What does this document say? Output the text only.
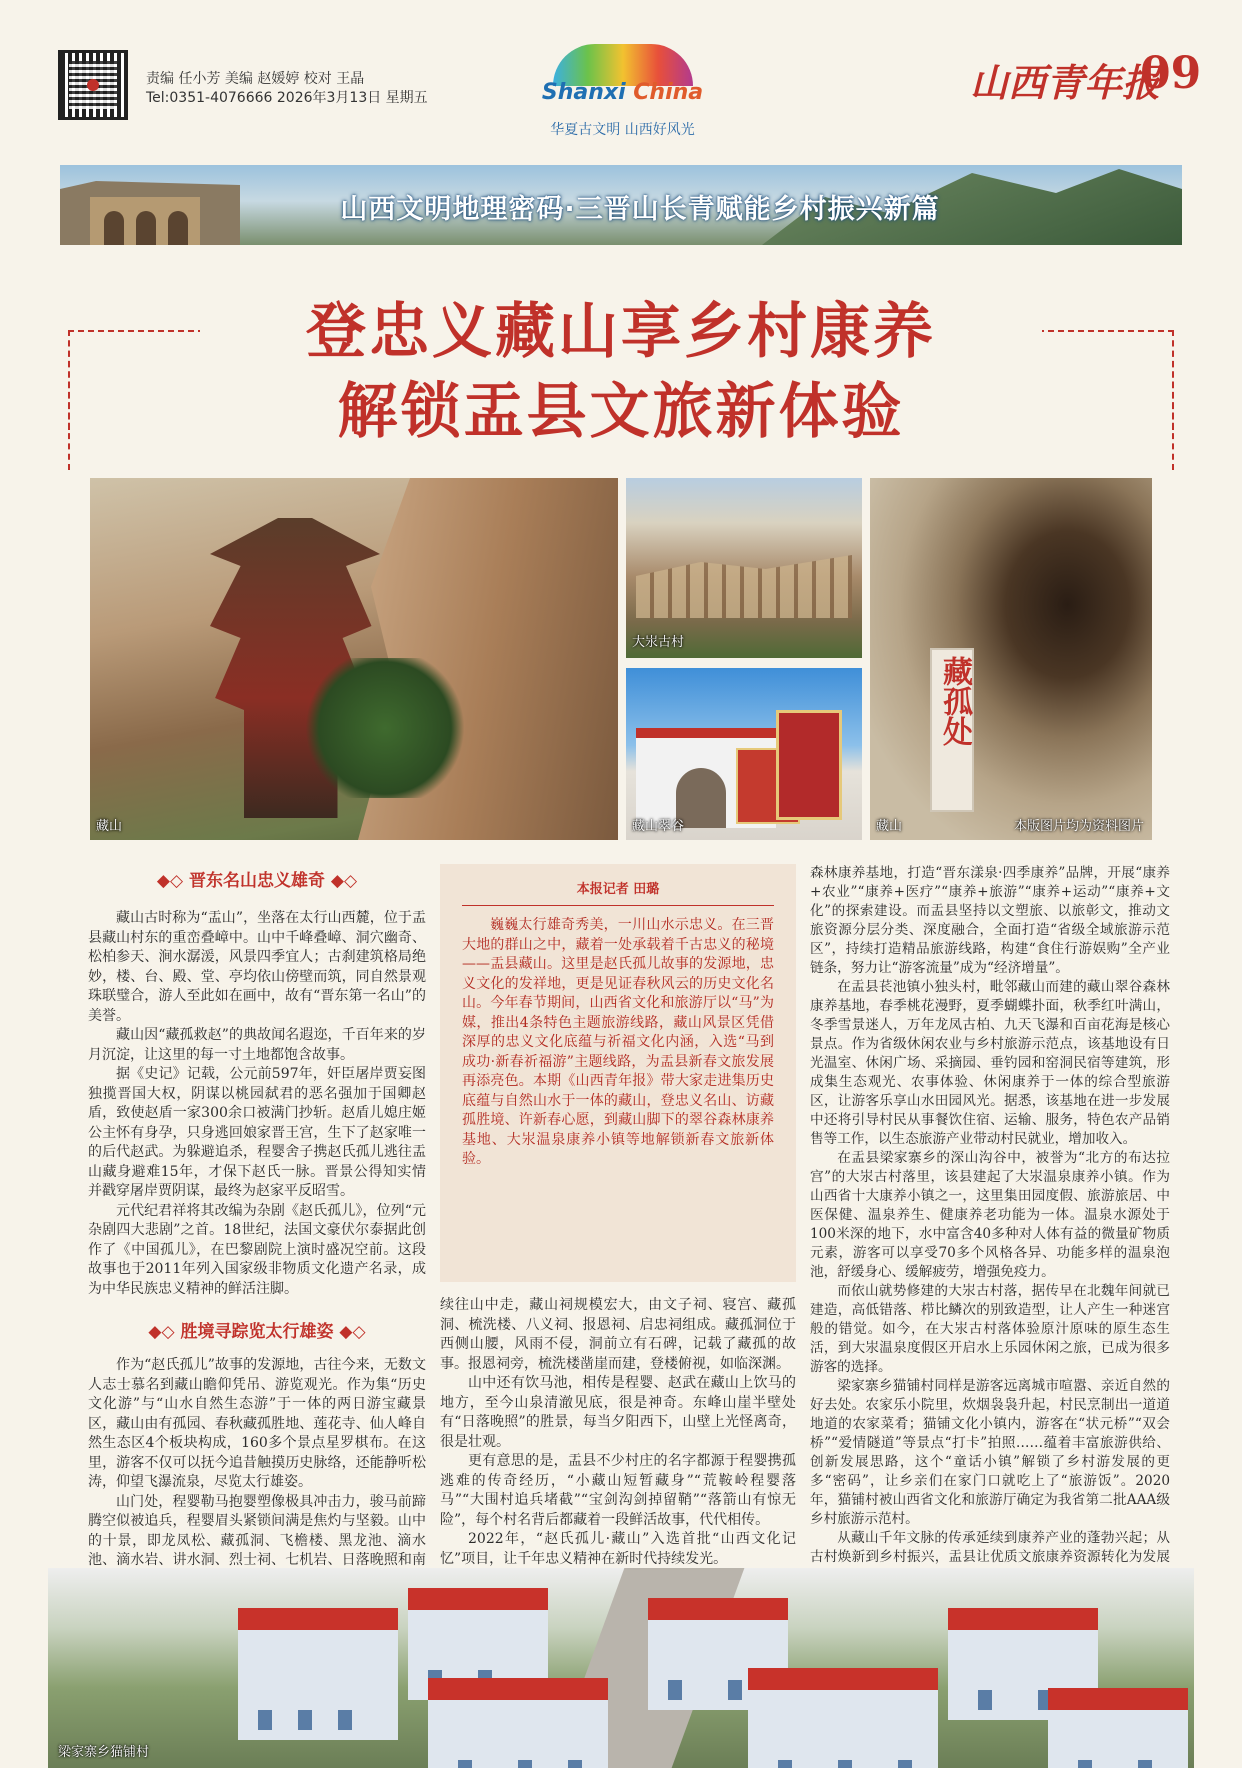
责编 任小芳 美编 赵媛婷 校对 王晶
Tel:0351-4076666 2026年3月13日 星期五	Shanxi China
华夏古文明 山西好风光
山西青年报
09
山西文明地理密码·三晋山长青赋能乡村振兴新篇
登忠义藏山享乡村康养
解锁盂县文旅新体验
藏山
大汖古村
藏山翠谷
藏孤处
藏山	本版图片均为资料图片
◆◇ 晋东名山忠义雄奇 ◆◇

藏山古时称为“盂山”，坐落在太行山西麓，位于盂县藏山村东的重峦叠嶂中。山中千峰叠嶂、洞穴幽奇、松柏参天、涧水潺湲，风景四季宜人；古刹建筑格局绝妙，楼、台、殿、堂、亭均依山傍壁而筑，同自然景观珠联璧合，游人至此如在画中，故有“晋东第一名山”的美誉。

藏山因“藏孤救赵”的典故闻名遐迩，千百年来的岁月沉淀，让这里的每一寸土地都饱含故事。

据《史记》记载，公元前597年，奸臣屠岸贾妄图独揽晋国大权，阴谋以桃园弑君的恶名强加于国卿赵盾，致使赵盾一家300余口被满门抄斩。赵盾儿媳庄姬公主怀有身孕，只身逃回娘家晋王宫，生下了赵家唯一的后代赵武。为躲避追杀，程婴舍子携赵氏孤儿逃往盂山藏身避难15年，才保下赵氏一脉。晋景公得知实情并戳穿屠岸贾阴谋，最终为赵家平反昭雪。

元代纪君祥将其改编为杂剧《赵氏孤儿》，位列“元杂剧四大悲剧”之首。18世纪，法国文豪伏尔泰据此创作了《中国孤儿》，在巴黎剧院上演时盛况空前。这段故事也于2011年列入国家级非物质文化遗产名录，成为中华民族忠义精神的鲜活注脚。

◆◇ 胜境寻踪览太行雄姿 ◆◇

作为“赵氏孤儿”故事的发源地，古往今来，无数文人志士慕名到藏山瞻仰凭吊、游览观光。作为集“历史文化游”与“山水自然生态游”于一体的两日游宝藏景区，藏山由有孤园、春秋藏孤胜地、莲花寺、仙人峰自然生态区4个板块构成，160多个景点星罗棋布。在这里，游客不仅可以抚今追昔触摸历史脉络，还能静听松涛，仰望飞瀑流泉，尽览太行雄姿。

山门处，程婴勒马抱婴塑像极具冲击力，骏马前蹄腾空似被追兵，程婴眉头紧锁间满是焦灼与坚毅。山中的十景，即龙凤松、藏孤洞、飞檐楼、黑龙池、滴水池、滴水岩、讲水洞、烈士祠、七机岩、日落晚照和南

本报记者 田璐
巍巍太行雄奇秀美，一川山水示忠义。在三晋大地的群山之中，藏着一处承载着千古忠义的秘境——盂县藏山。这里是赵氏孤儿故事的发源地，忠义文化的发祥地，更是见证春秋风云的历史文化名山。今年春节期间，山西省文化和旅游厅以“马”为媒，推出4条特色主题旅游线路，藏山风景区凭借深厚的忠义文化底蕴与祈福文化内涵，入选“马到成功·新春祈福游”主题线路，为盂县新春文旅发展再添亮色。本期《山西青年报》带大家走进集历史底蕴与自然山水于一体的藏山，登忠义名山、访藏孤胜境、许新春心愿，到藏山脚下的翠谷森林康养基地、大汖温泉康养小镇等地解锁新春文旅新体验。

续往山中走，藏山祠规模宏大，由文子祠、寝宫、藏孤洞、梳洗楼、八义祠、报恩祠、启忠祠组成。藏孤洞位于西侧山腰，风雨不侵，洞前立有石碑，记载了藏孤的故事。报恩祠旁，梳洗楼凿崖而建，登楼俯视，如临深渊。

山中还有饮马池，相传是程婴、赵武在藏山上饮马的地方，至今山泉清澈见底，很是神奇。东峰山崖半壁处有“日落晚照”的胜景，每当夕阳西下，山壁上光怪离奇，很是壮观。

更有意思的是，盂县不少村庄的名字都源于程婴携孤逃难的传奇经历，“小藏山短暂藏身”“荒鞍岭程婴落马”“大围村追兵堵截”“宝剑沟剑掉留鞘”“落箭山有惊无险”，每个村名背后都藏着一段鲜活故事，代代相传。

2022年，“赵氏孤儿·藏山”入选首批“山西文化记忆”项目，让千年忠义精神在新时代持续发光。

◆◇ ◆◇

森林康养基地，打造“晋东漾泉·四季康养”品牌，开展“康养+农业”“康养+医疗”“康养+旅游”“康养+运动”“康养+文化”的探索建设。而盂县坚持以文塑旅、以旅彰文，推动文旅资源分层分类、深度融合，全面打造“省级全域旅游示范区”，持续打造精品旅游线路，构建“食住行游娱购”全产业链条，努力让“游客流量”成为“经济增量”。

在盂县苌池镇小独头村，毗邻藏山而建的藏山翠谷森林康养基地，春季桃花漫野，夏季蝴蝶扑面，秋季红叶满山，冬季雪景迷人，万年龙凤古柏、九天飞瀑和百亩花海是核心景点。作为省级休闲农业与乡村旅游示范点，该基地设有日光温室、休闲广场、采摘园、垂钓园和窑洞民宿等建筑，形成集生态观光、农事体验、休闲康养于一体的综合型旅游区，让游客乐享山水田园风光。据悉，该基地在进一步发展中还将引导村民从事餐饮住宿、运输、服务，特色农产品销售等工作，以生态旅游产业带动村民就业，增加收入。

在盂县梁家寨乡的深山沟谷中，被誉为“北方的布达拉宫”的大汖古村落里，该县建起了大汖温泉康养小镇。作为山西省十大康养小镇之一，这里集田园度假、旅游旅居、中医保健、温泉养生、健康养老功能为一体。温泉水源处于100米深的地下，水中富含40多种对人体有益的微量矿物质元素，游客可以享受70多个风格各异、功能多样的温泉泡池，舒缓身心、缓解疲劳，增强免疫力。

而依山就势修建的大汖古村落，据传早在北魏年间就已建造，高低错落、栉比鳞次的别致造型，让人产生一种迷宫般的错觉。如今，在大汖古村落体验原汁原味的原生态生活，到大汖温泉度假区开启水上乐园休闲之旅，已成为很多游客的选择。

梁家寨乡猫铺村同样是游客远离城市喧嚣、亲近自然的好去处。农家乐小院里，炊烟袅袅升起，村民烹制出一道道地道的农家菜肴；猫铺文化小镇内，游客在“状元桥”“双会桥”“爱情隧道”等景点“打卡”拍照……蕴着丰富旅游供给、创新发展思路，这个“童话小镇”解锁了乡村游发展的更多“密码”，让乡亲们在家门口就吃上了“旅游饭”。2020年，猫铺村被山西省文化和旅游厅确定为我省第二批AAA级乡村旅游示范村。

从藏山千年文脉的传承延续到康养产业的蓬勃兴起；从古村焕新到乡村振兴，盂县让优质文旅康养资源转化为发展

梁家寨乡猫铺村
